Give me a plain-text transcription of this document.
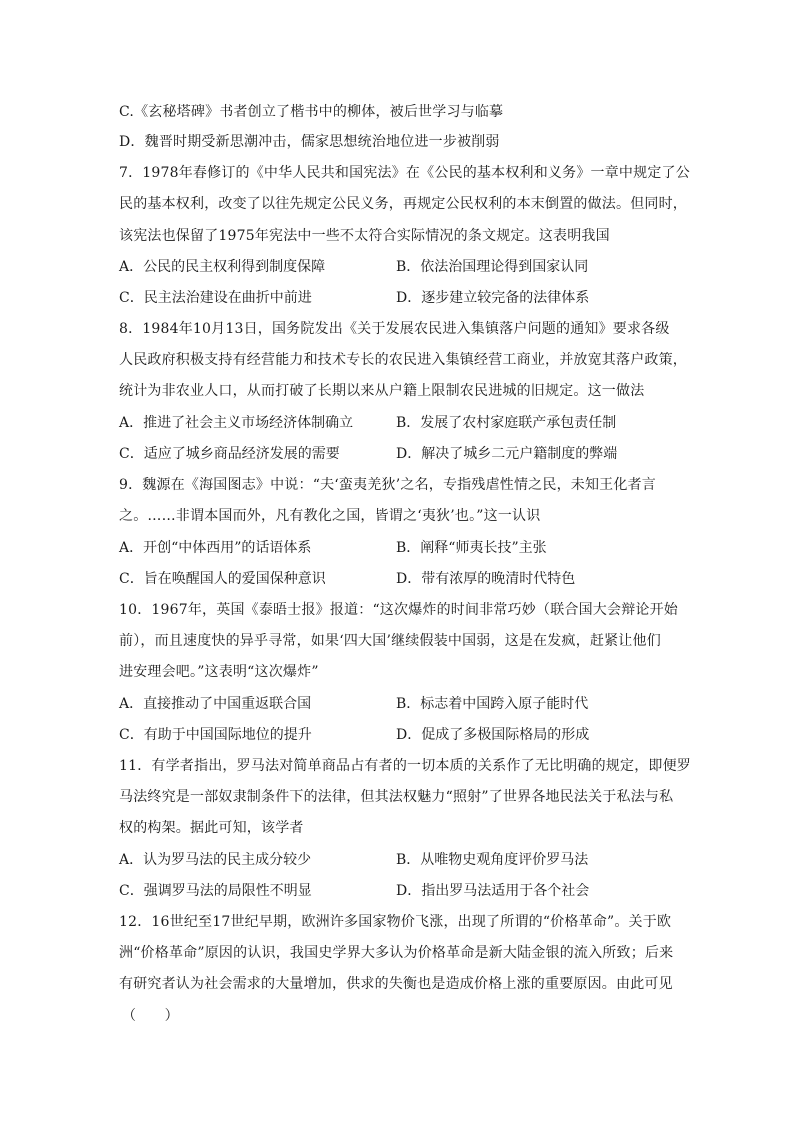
C.《玄秘塔碑》书者创立了楷书中的柳体，被后世学习与临摹
D．魏晋时期受新思潮冲击，儒家思想统治地位进一步被削弱
7．1978年春修订的《中华人民共和国宪法》在《公民的基本权利和义务》一章中规定了公
民的基本权利，改变了以往先规定公民义务，再规定公民权利的本末倒置的做法。但同时，
该宪法也保留了1975年宪法中一些不太符合实际情况的条文规定。这表明我国
A．公民的民主权利得到制度保障	B．依法治国理论得到国家认同
C．民主法治建设在曲折中前进	D．逐步建立较完备的法律体系
8．1984年10月13日，国务院发出《关于发展农民进入集镇落户问题的通知》要求各级
人民政府积极支持有经营能力和技术专长的农民进入集镇经营工商业，并放宽其落户政策，
统计为非农业人口，从而打破了长期以来从户籍上限制农民进城的旧规定。这一做法
A．推进了社会主义市场经济体制确立	B．发展了农村家庭联产承包责任制
C．适应了城乡商品经济发展的需要	D．解决了城乡二元户籍制度的弊端
9．魏源在《海国图志》中说：“夫‘蛮夷羌狄’之名，专指残虐性情之民，未知王化者言
之。……非谓本国而外，凡有教化之国，皆谓之‘夷狄’也。”这一认识
A．开创“中体西用”的话语体系	B．阐释“师夷长技”主张
C．旨在唤醒国人的爱国保种意识	D．带有浓厚的晚清时代特色
10．1967年，英国《泰晤士报》报道：“这次爆炸的时间非常巧妙（联合国大会辩论开始
前），而且速度快的异乎寻常，如果‘四大国’继续假装中国弱，这是在发疯，赶紧让他们
进安理会吧。”这表明“这次爆炸”
A．直接推动了中国重返联合国	B．标志着中国跨入原子能时代
C．有助于中国国际地位的提升	D．促成了多极国际格局的形成
11．有学者指出，罗马法对简单商品占有者的一切本质的关系作了无比明确的规定，即便罗
马法终究是一部奴隶制条件下的法律，但其法权魅力“照射”了世界各地民法关于私法与私
权的构架。据此可知，该学者
A．认为罗马法的民主成分较少	B．从唯物史观角度评价罗马法
C．强调罗马法的局限性不明显	D．指出罗马法适用于各个社会
12．16世纪至17世纪早期，欧洲许多国家物价飞涨，出现了所谓的“价格革命”。关于欧
洲“价格革命”原因的认识，我国史学界大多认为价格革命是新大陆金银的流入所致；后来
有研究者认为社会需求的大量增加，供求的失衡也是造成价格上涨的重要原因。由此可见
（　　）
